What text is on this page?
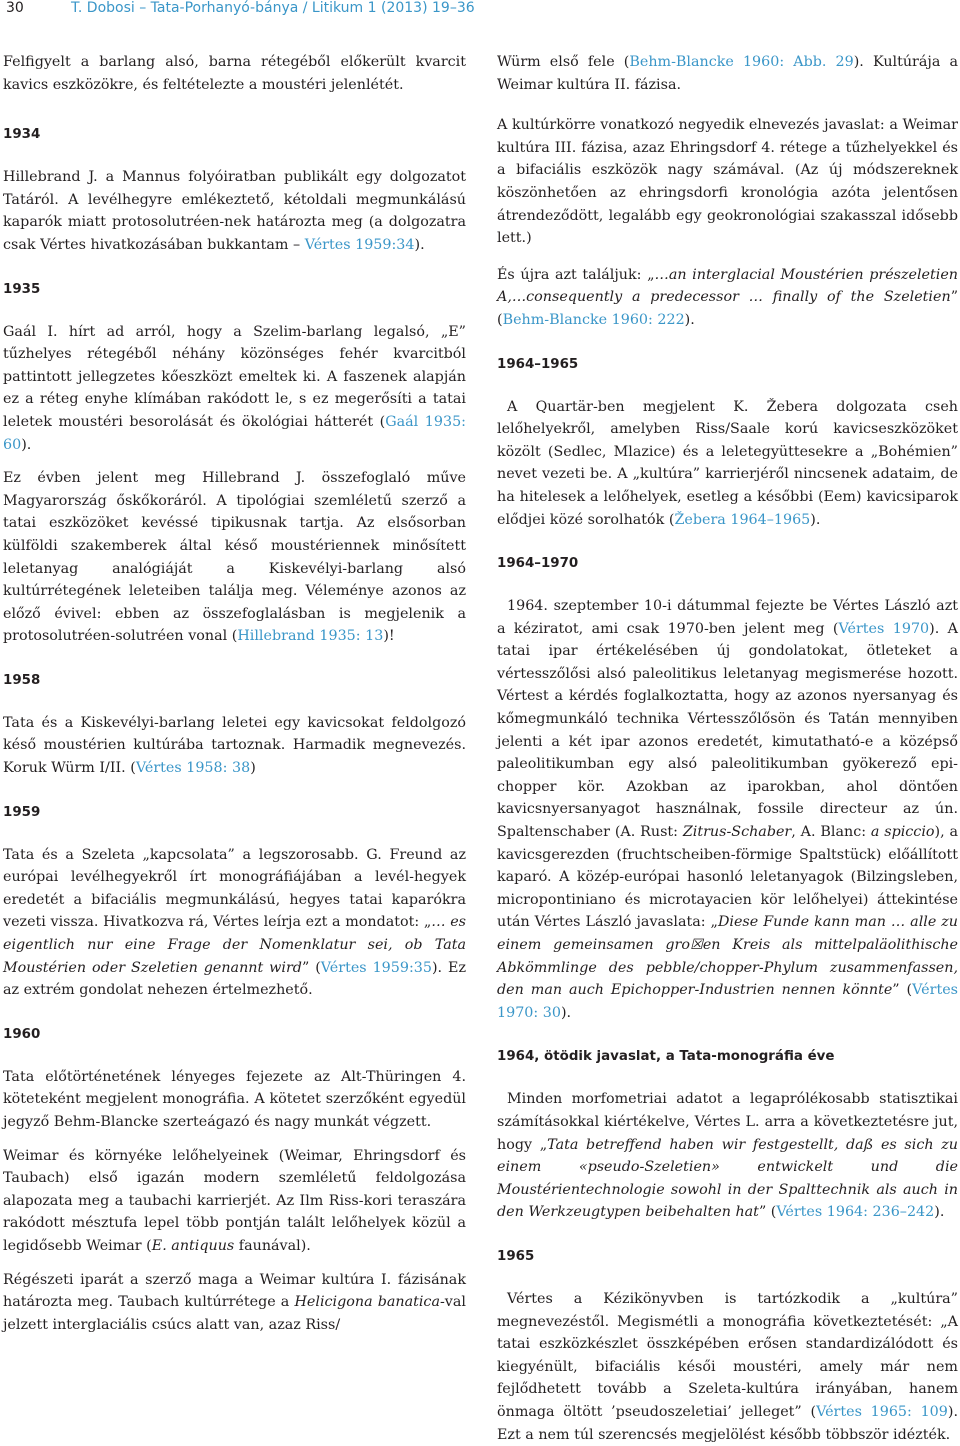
30	T. Dobosi – Tata-Porhanyó-bánya / Litikum 1 (2013) 19–36

Felfigyelt a barlang alsó, barna rétegéből előkerült kvarcit kavics eszközökre, és feltételezte a moustéri jelenlétét.

1934

Hillebrand J. a Mannus folyóiratban publikált egy dolgozatot Tatáról. A levélhegyre emlékeztető, kétoldali megmunkálású kaparók miatt protosolutréen-nek határozta meg (a dolgozatra csak Vértes hivatkozásában bukkantam – Vértes 1959:34).

1935

Gaál I. hírt ad arról, hogy a Szelim-barlang legalsó, „E” tűzhelyes rétegéből néhány közönséges fehér kvarcitból pattintott jellegzetes kőeszközt emeltek ki. A faszenek alapján ez a réteg enyhe klímában rakódott le, s ez megerősíti a tatai leletek moustéri besorolását és ökológiai hátterét (Gaál 1935: 60).

Ez évben jelent meg Hillebrand J. összefoglaló műve Magyarország őskőkoráról. A tipológiai szemléletű szerző a tatai eszközöket kevéssé tipikusnak tartja. Az elsősorban külföldi szakemberek által késő moustériennek minősített leletanyag analógiáját a Kiskevélyi-barlang alsó kultúrrétegének leleteiben találja meg. Véleménye azonos az előző évivel: ebben az összefoglalásban is megjelenik a protosolutréen-solutréen vonal (Hillebrand 1935: 13)!

1958

Tata és a Kiskevélyi-barlang leletei egy kavicsokat feldolgozó késő moustérien kultúrába tartoznak. Harmadik megnevezés. Koruk Würm I/II. (Vértes 1958: 38)

1959

Tata és a Szeleta „kapcsolata” a legszorosabb. G. Freund az európai levélhegyekről írt monográfiájában a levél-hegyek eredetét a bifaciális megmunkálású, hegyes tatai kaparókra vezeti vissza. Hivatkozva rá, Vértes leírja ezt a mondatot: „… es eigentlich nur eine Frage der Nomenklatur sei, ob Tata Moustérien oder Szeletien genannt wird” (Vértes 1959:35). Ez az extrém gondolat nehezen értelmezhető.

1960

Tata előtörténetének lényeges fejezete az Alt-Thüringen 4. köteteként megjelent monográfia. A kötetet szerzőként egyedül jegyző Behm-Blancke szerteágazó és nagy munkát végzett.

Weimar és környéke lelőhelyeinek (Weimar, Ehringsdorf és Taubach) első igazán modern szemléletű feldolgozása alapozata meg a taubachi karrierjét. Az Ilm Riss-kori teraszára rakódott mésztufa lepel több pontján talált lelőhelyek közül a legidősebb Weimar (E. antiquus faunával).

Régészeti iparát a szerző maga a Weimar kultúra I. fázisának határozta meg. Taubach kultúrrétege a Helicigona banatica-val jelzett interglaciális csúcs alatt van, azaz Riss/

Würm első fele (Behm-Blancke 1960: Abb. 29). Kultúrája a Weimar kultúra II. fázisa.

A kultúrkörre vonatkozó negyedik elnevezés javaslat: a Weimar kultúra III. fázisa, azaz Ehringsdorf 4. rétege a tűzhelyekkel és a bifaciális eszközök nagy számával. (Az új módszereknek köszönhetően az ehringsdorfi kronológia azóta jelentősen átrendeződött, legalább egy geokronológiai szakasszal idősebb lett.)

És újra azt találjuk: „…an interglacial Moustérien prészeletien A,…consequently a predecessor … finally of the Szeletien” (Behm-Blancke 1960: 222).

1964–1965

A Quartär-ben megjelent K. Žebera dolgozata cseh lelőhelyekről, amelyben Riss/Saale korú kavicseszközöket közölt (Sedlec, Mlazice) és a leletegyüttesekre a „Bohémien” nevet vezeti be. A „kultúra” karrierjéről nincsenek adataim, de ha hitelesek a lelőhelyek, esetleg a későbbi (Eem) kavicsiparok elődjei közé sorolhatók (Žebera 1964–1965).

1964–1970

1964. szeptember 10-i dátummal fejezte be Vértes László azt a kéziratot, ami csak 1970-ben jelent meg (Vértes 1970). A tatai ipar értékelésében új gondolatokat, ötleteket a vértesszőlősi alsó paleolitikus leletanyag megismerése hozott. Vértest a kérdés foglalkoztatta, hogy az azonos nyersanyag és kőmegmunkáló technika Vértesszőlősön és Tatán mennyiben jelenti a két ipar azonos eredetét, kimutatható-e a középső paleolitikumban egy alsó paleolitikumban gyökerező epi-chopper kör. Azokban az iparokban, ahol döntően kavicsnyersanyagot használnak, fossile directeur az ún. Spaltenschaber (A. Rust: Zitrus-Schaber, A. Blanc: a spiccio), a kavicsgerezden (fruchtscheiben-förmige Spaltstück) előállított kaparó. A közép-európai hasonló leletanyagok (Bilzingsleben, micropontiniano és microtayacien kör lelőhelyei) áttekintése után Vértes László javaslata: „Diese Funde kann man … alle zu einem gemeinsamen gro☒en Kreis als mittelpaläolithische Abkömmlinge des pebble/chopper-Phylum zusammenfassen, den man auch Epichopper-Industrien nennen könnte” (Vértes 1970: 30).

1964, ötödik javaslat, a Tata-monográfia éve

Minden morfometriai adatot a legaprólékosabb statisztikai számításokkal kiértékelve, Vértes L. arra a következtetésre jut, hogy „Tata betreffend haben wir festgestellt, daß es sich zu einem «pseudo-Szeletien» entwickelt und die Moustérientechnologie sowohl in der Spalttechnik als auch in den Werkzeugtypen beibehalten hat” (Vértes 1964: 236–242).

1965

Vértes a Kézikönyvben is tartózkodik a „kultúra” megnevezéstől. Megismétli a monográfia következtetését: „A tatai eszközkészlet összképében erősen standardizálódott és kiegyénült, bifaciális késői moustéri, amely már nem fejlődhetett tovább a Szeleta-kultúra irányában, hanem önmaga öltött ’pseudoszeletiai’ jelleget” (Vértes 1965: 109). Ezt a nem túl szerencsés megjelölést később többször idézték.
